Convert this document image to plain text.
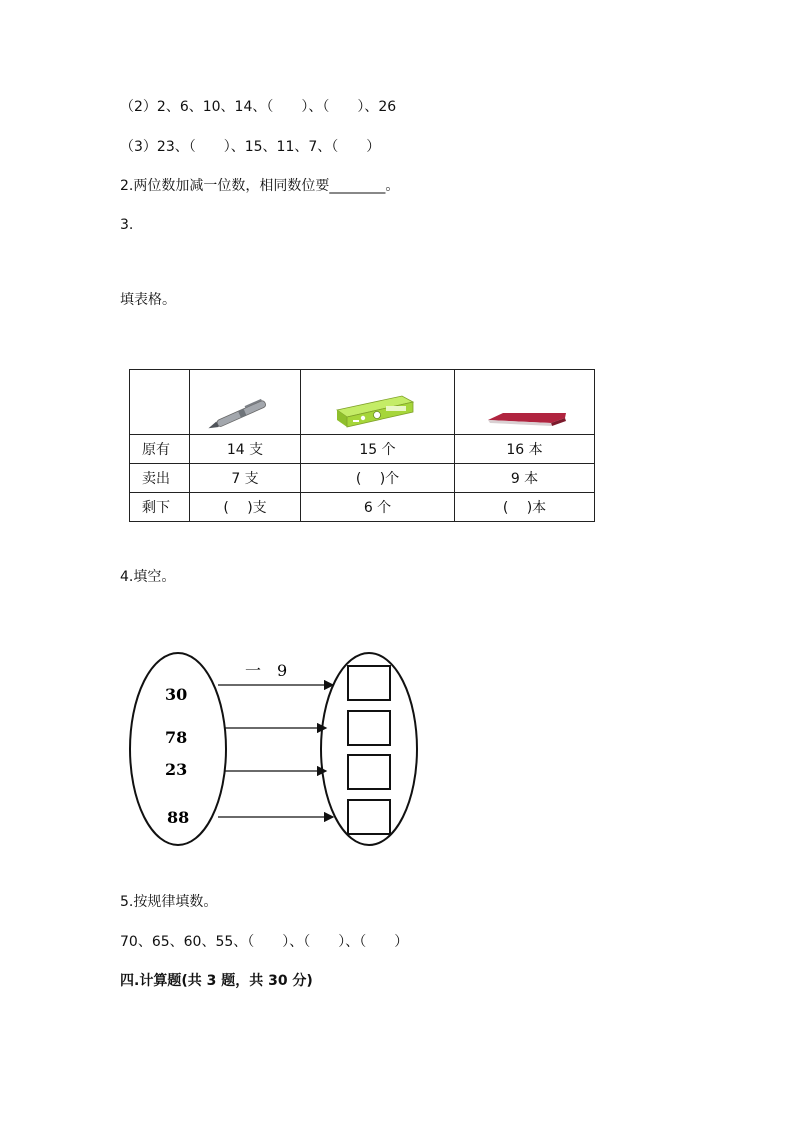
（2）2、6、10、14、（　　）、（　　）、26
（3）23、（　　）、15、11、7、（　　）
2.两位数加减一位数，相同数位要________。
3.
填表格。

原有	14 支	15 个	16 本
卖出	7 支	(　 )个	9 本
剩下	(　 )支	6 个	(　 )本
4.填空。
一　9
30
78
23
88
5.按规律填数。
70、65、60、55、（　　）、（　　）、（　　）
四.计算题(共 3 题，共 30 分)
